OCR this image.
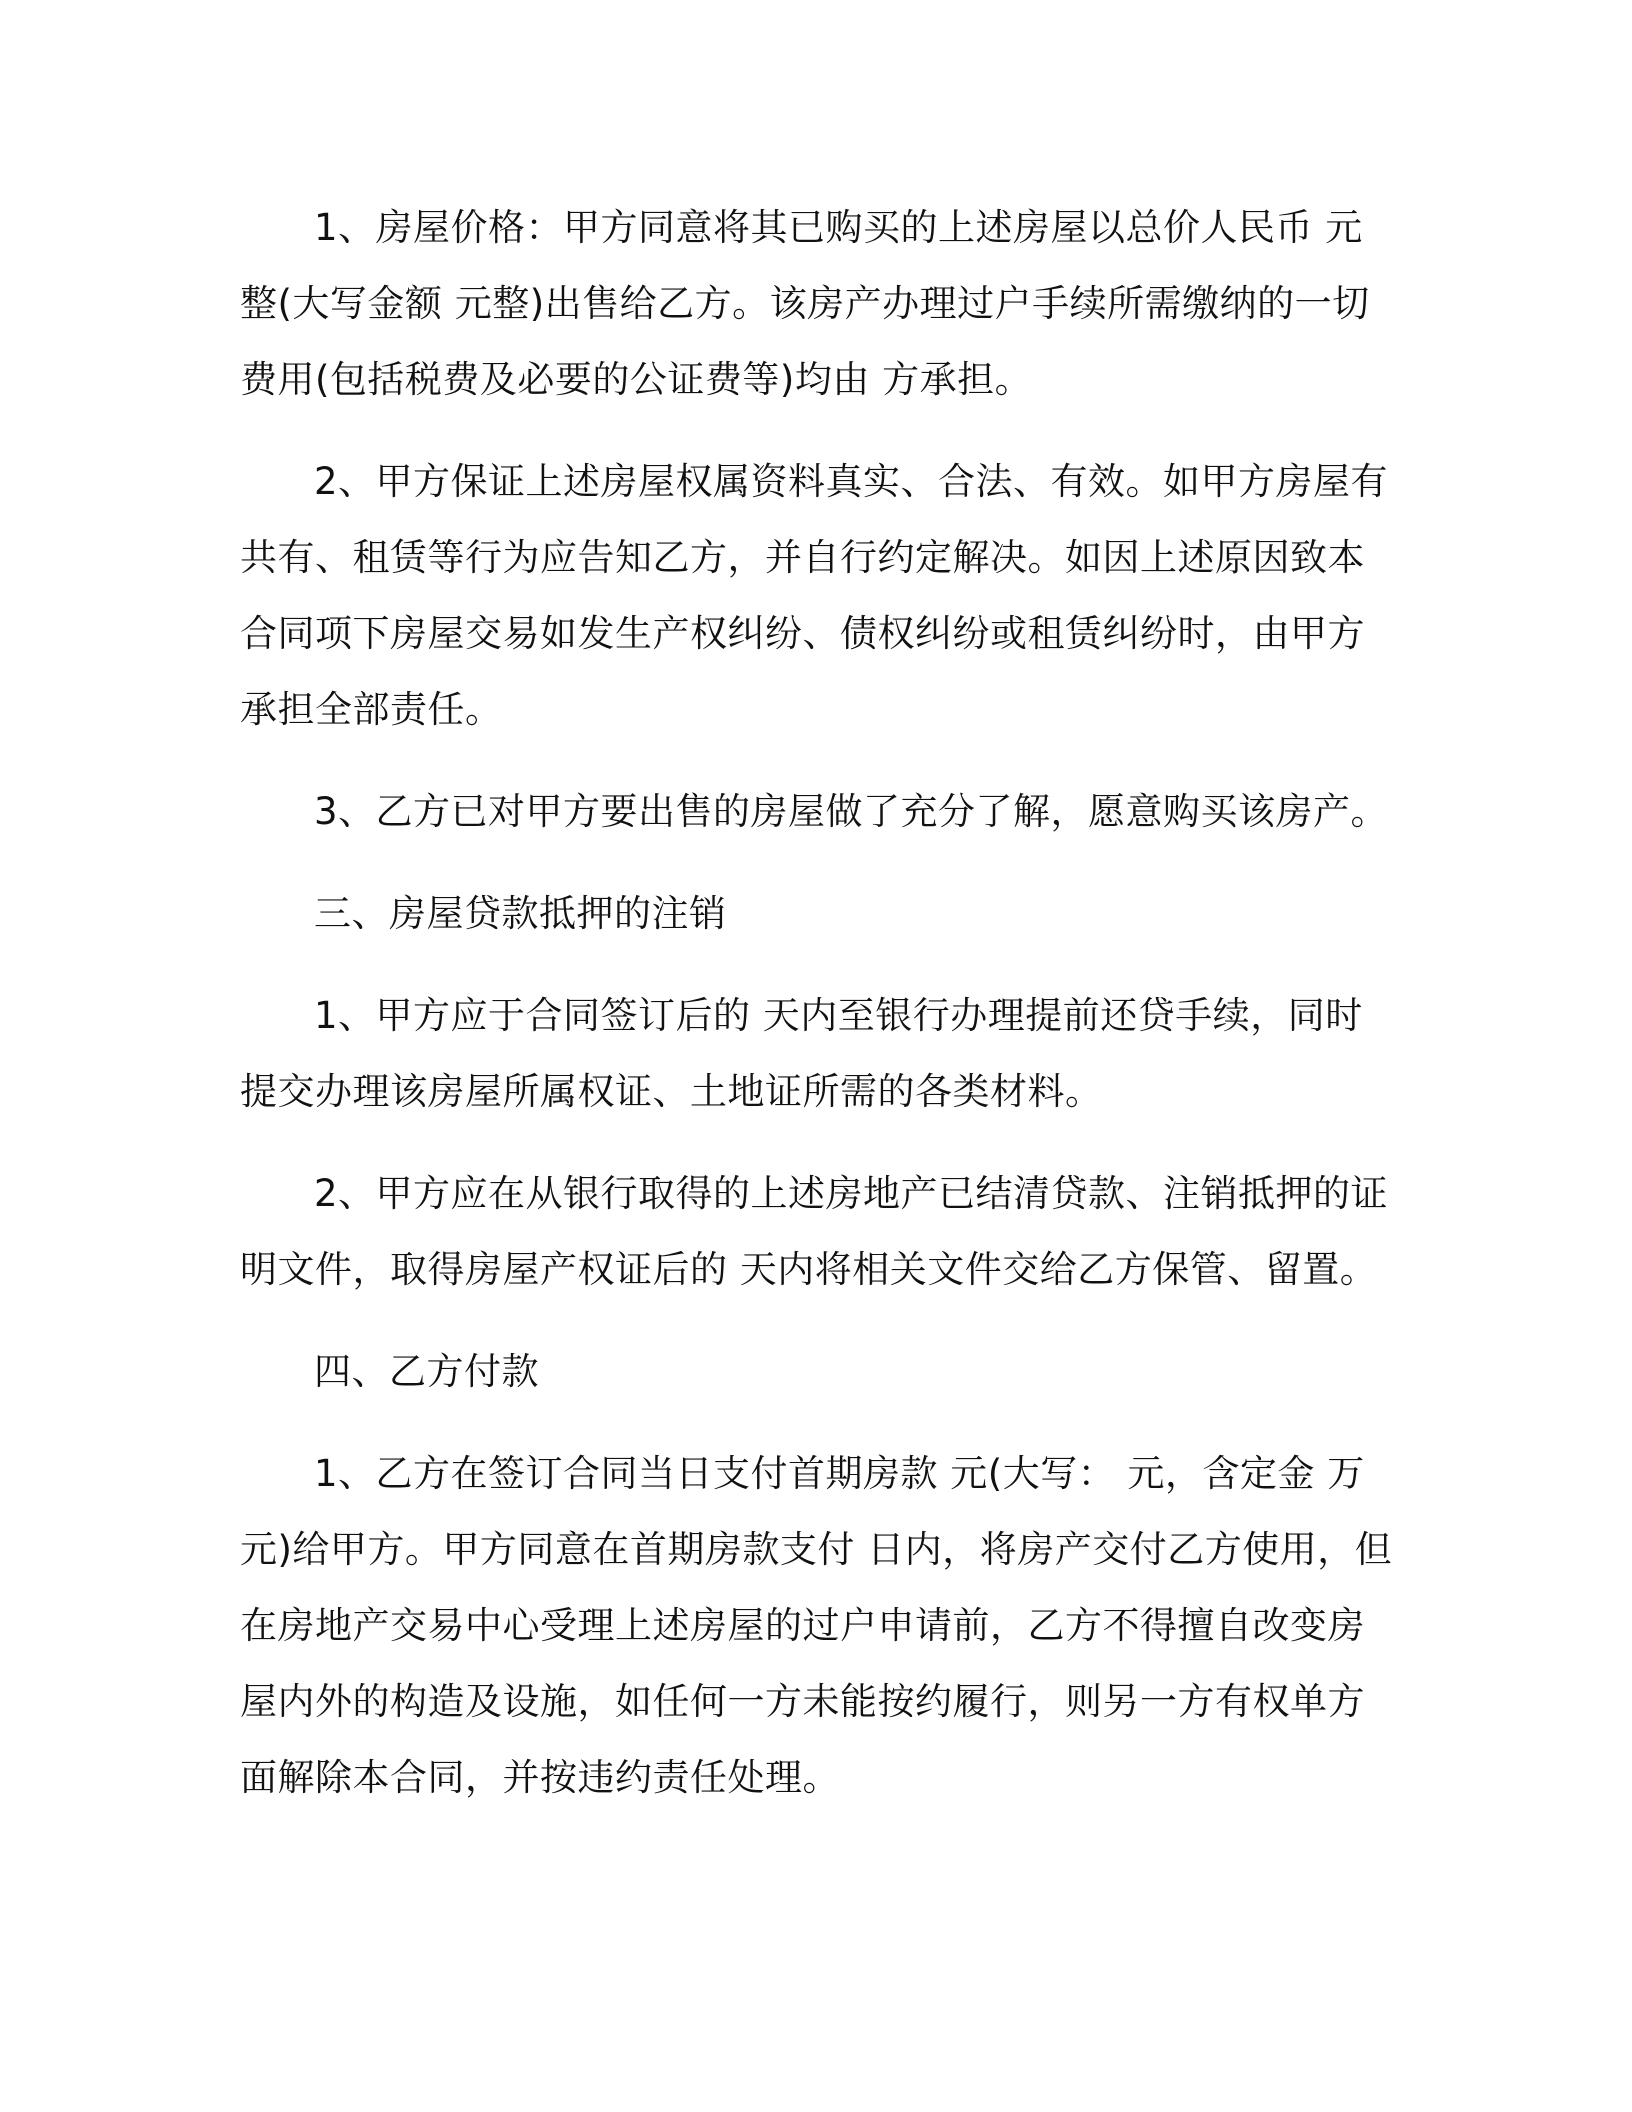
1、房屋价格：甲方同意将其已购买的上述房屋以总价人民币 元整(大写金额 元整)出售给乙方。该房产办理过户手续所需缴纳的一切费用(包括税费及必要的公证费等)均由 方承担。

2、甲方保证上述房屋权属资料真实、合法、有效。如甲方房屋有共有、租赁等行为应告知乙方，并自行约定解决。如因上述原因致本合同项下房屋交易如发生产权纠纷、债权纠纷或租赁纠纷时，由甲方承担全部责任。

3、乙方已对甲方要出售的房屋做了充分了解，愿意购买该房产。

三、房屋贷款抵押的注销

1、甲方应于合同签订后的 天内至银行办理提前还贷手续，同时提交办理该房屋所属权证、土地证所需的各类材料。

2、甲方应在从银行取得的上述房地产已结清贷款、注销抵押的证明文件，取得房屋产权证后的 天内将相关文件交给乙方保管、留置。

四、乙方付款

1、乙方在签订合同当日支付首期房款 元(大写： 元，含定金 万元)给甲方。甲方同意在首期房款支付 日内，将房产交付乙方使用，但在房地产交易中心受理上述房屋的过户申请前，乙方不得擅自改变房屋内外的构造及设施，如任何一方未能按约履行，则另一方有权单方面解除本合同，并按违约责任处理。
